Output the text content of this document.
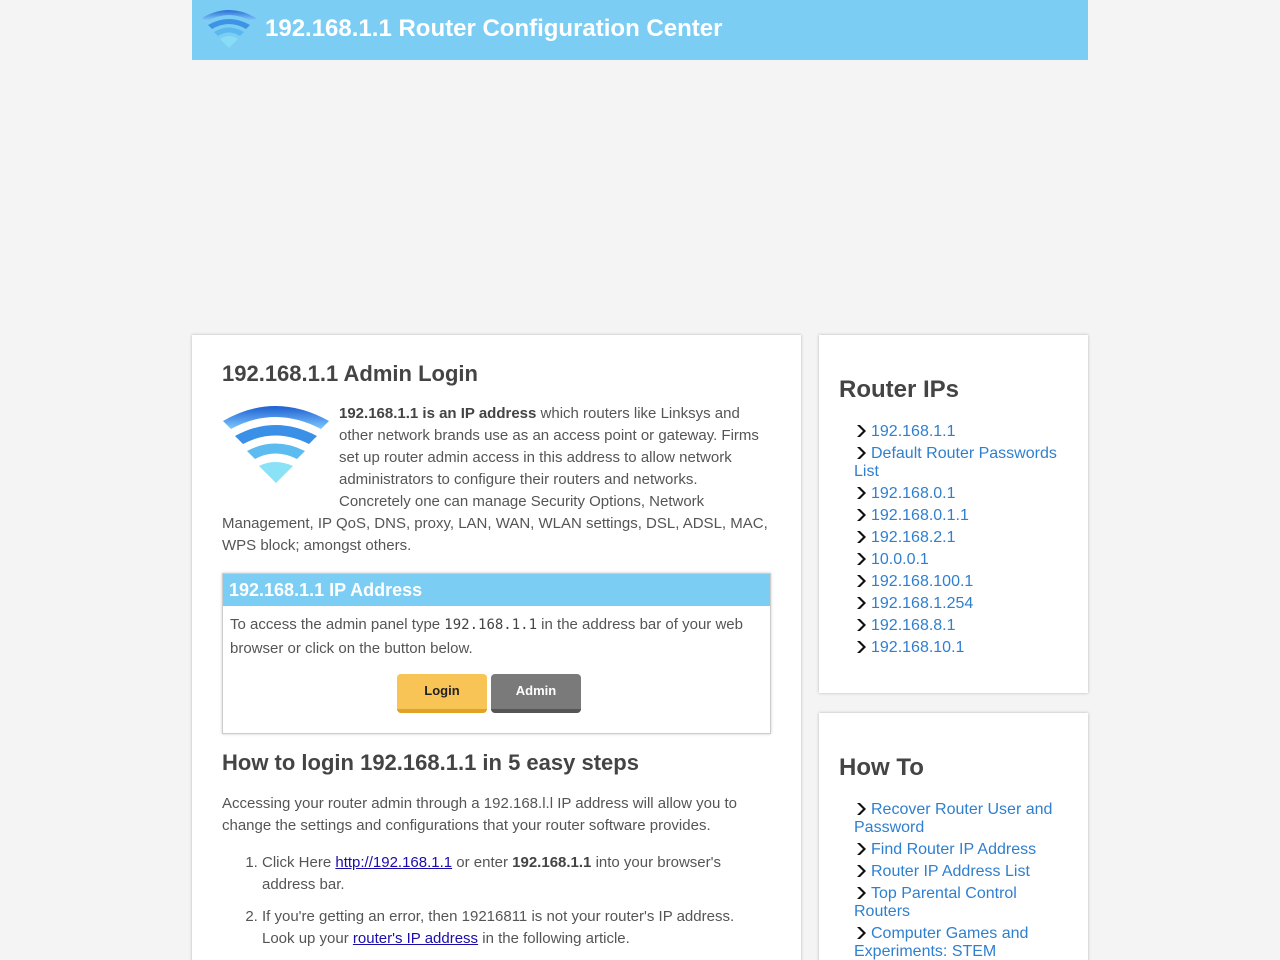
192.168.1.1 Router Configuration Center
192.168.1.1 Admin Login
192.168.1.1 is an IP address which routers like Linksys and other network brands use as an access point or gateway. Firms set up router admin access in this address to allow network administrators to configure their routers and networks. Concretely one can manage Security Options, Network Management, IP QoS, DNS, proxy, LAN, WAN, WLAN settings, DSL, ADSL, MAC, WPS block; amongst others.
192.168.1.1 IP Address
To access the admin panel type 192.168.1.1 in the address bar of your web browser or click on the button below.
Login	Admin
How to login 192.168.1.1 in 5 easy steps

Accessing your router admin through a 192.168.l.l IP address will allow you to change the settings and configurations that your router software provides.

1. Click Here http://192.168.1.1 or enter 192.168.1.1 into your browser's address bar.
2. If you're getting an error, then 19216811 is not your router's IP address. Look up your router's IP address in the following article.
Router IPs
192.168.1.1
Default Router Passwords List
192.168.0.1
192.168.0.1.1
192.168.2.1
10.0.0.1
192.168.100.1
192.168.1.254
192.168.8.1
192.168.10.1
How To
Recover Router User and Password
Find Router IP Address
Router IP Address List
Top Parental Control Routers
Computer Games and Experiments: STEM
